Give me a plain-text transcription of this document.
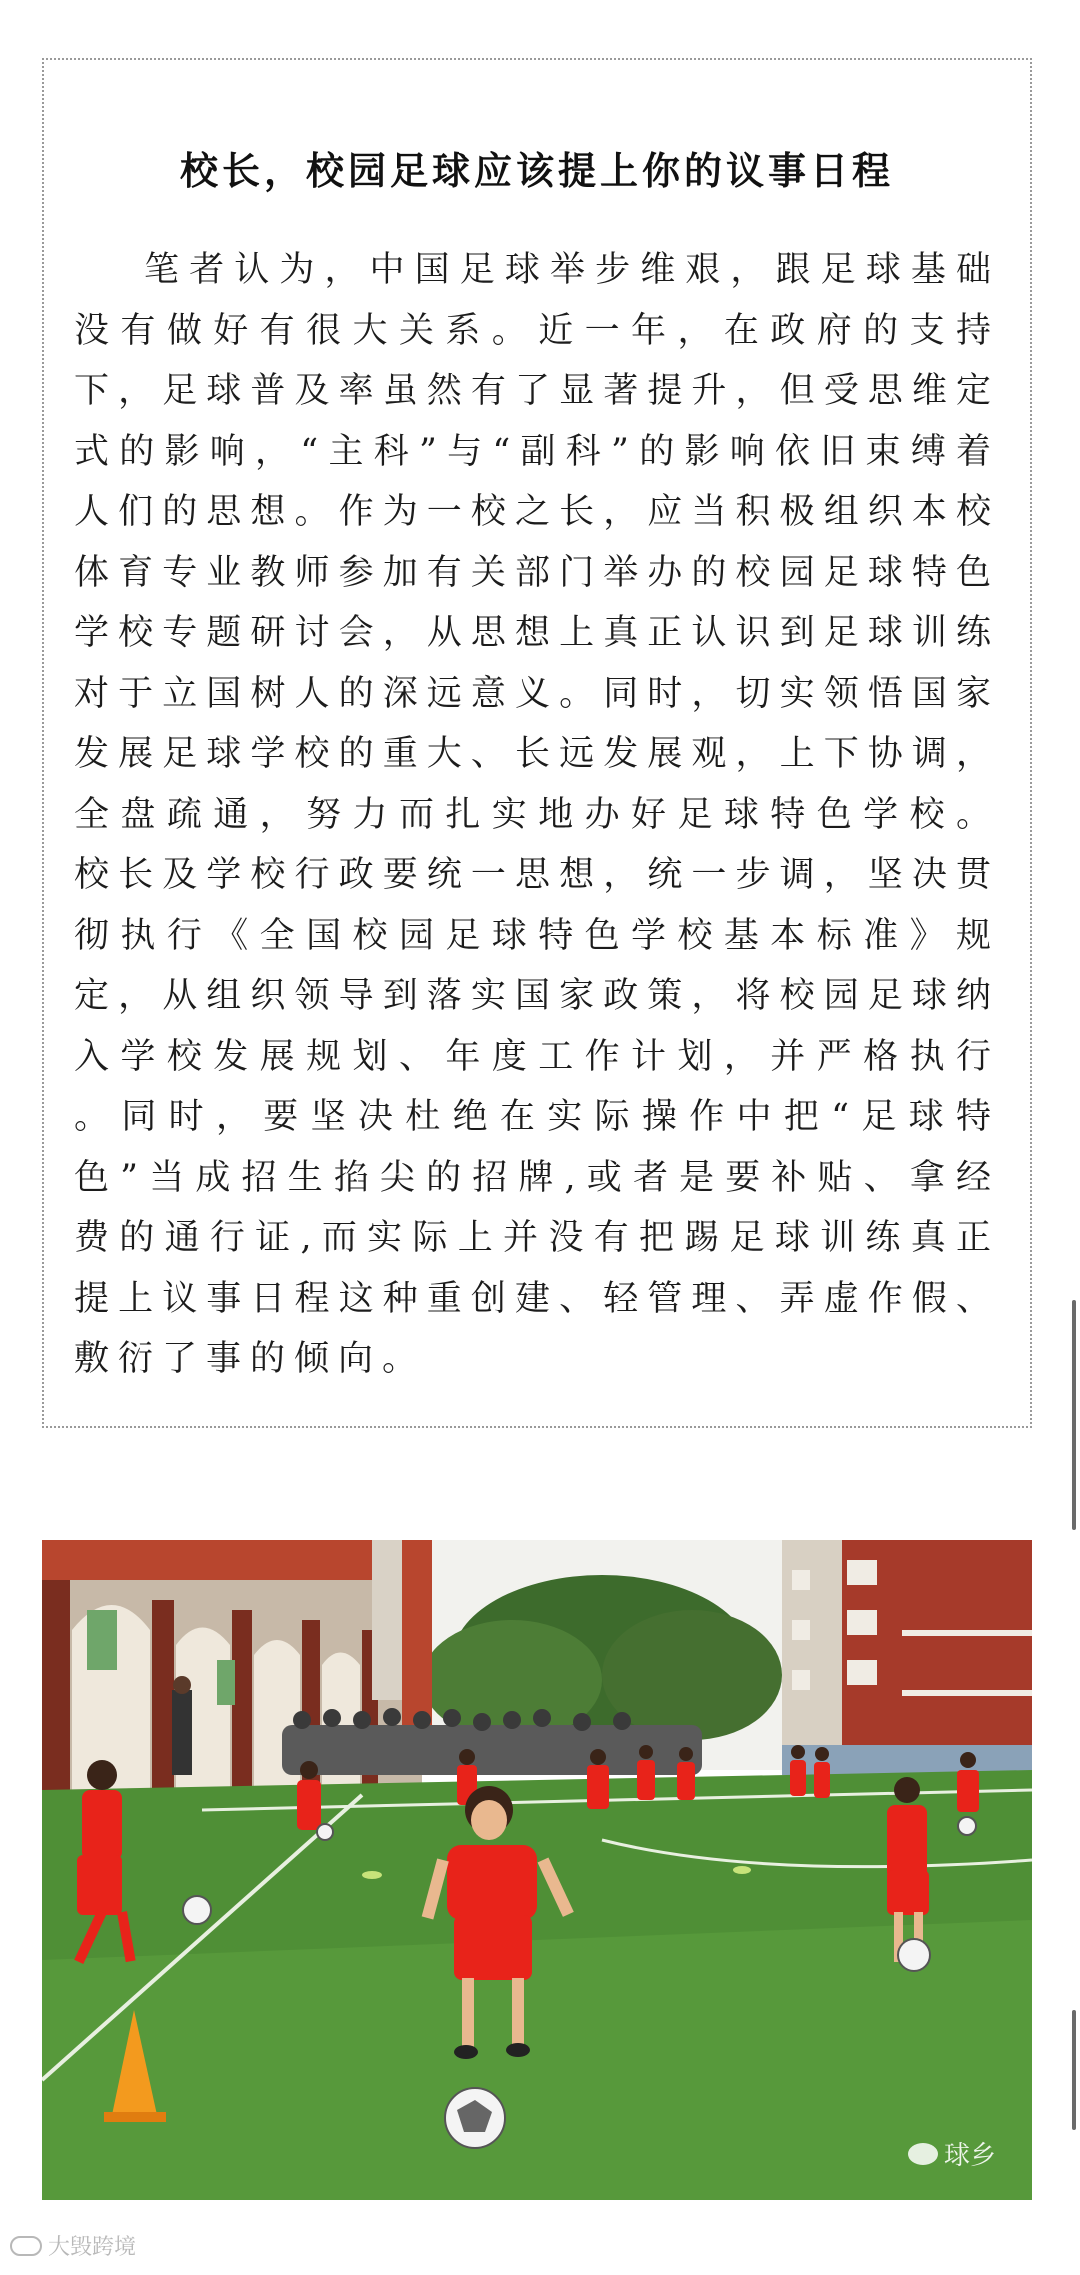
校长，校园足球应该提上你的议事日程

笔者认为，中国足球举步维艰，跟足球基础没有做好有很大关系。近一年，在政府的支持下，足球普及率虽然有了显著提升，但受思维定式的影响，“主科”与“副科”的影响依旧束缚着人们的思想。作为一校之长，应当积极组织本校体育专业教师参加有关部门举办的校园足球特色学校专题研讨会，从思想上真正认识到足球训练对于立国树人的深远意义。同时，切实领悟国家发展足球学校的重大、长远发展观，上下协调，全盘疏通，努力而扎实地办好足球特色学校。 校长及学校行政要统一思想，统一步调，坚决贯彻执行《全国校园足球特色学校基本标准》规定，从组织领导到落实国家政策，将校园足球纳入学校发展规划、年度工作计划，并严格执行 。同时，要坚决杜绝在实际操作中把“足球特色”当成招生掐尖的招牌,或者是要补贴、拿经费的通行证,而实际上并没有把踢足球训练真正提上议事日程这种重创建、轻管理、弄虚作假、敷衍了事的倾向。

球乡
大毁跨境
